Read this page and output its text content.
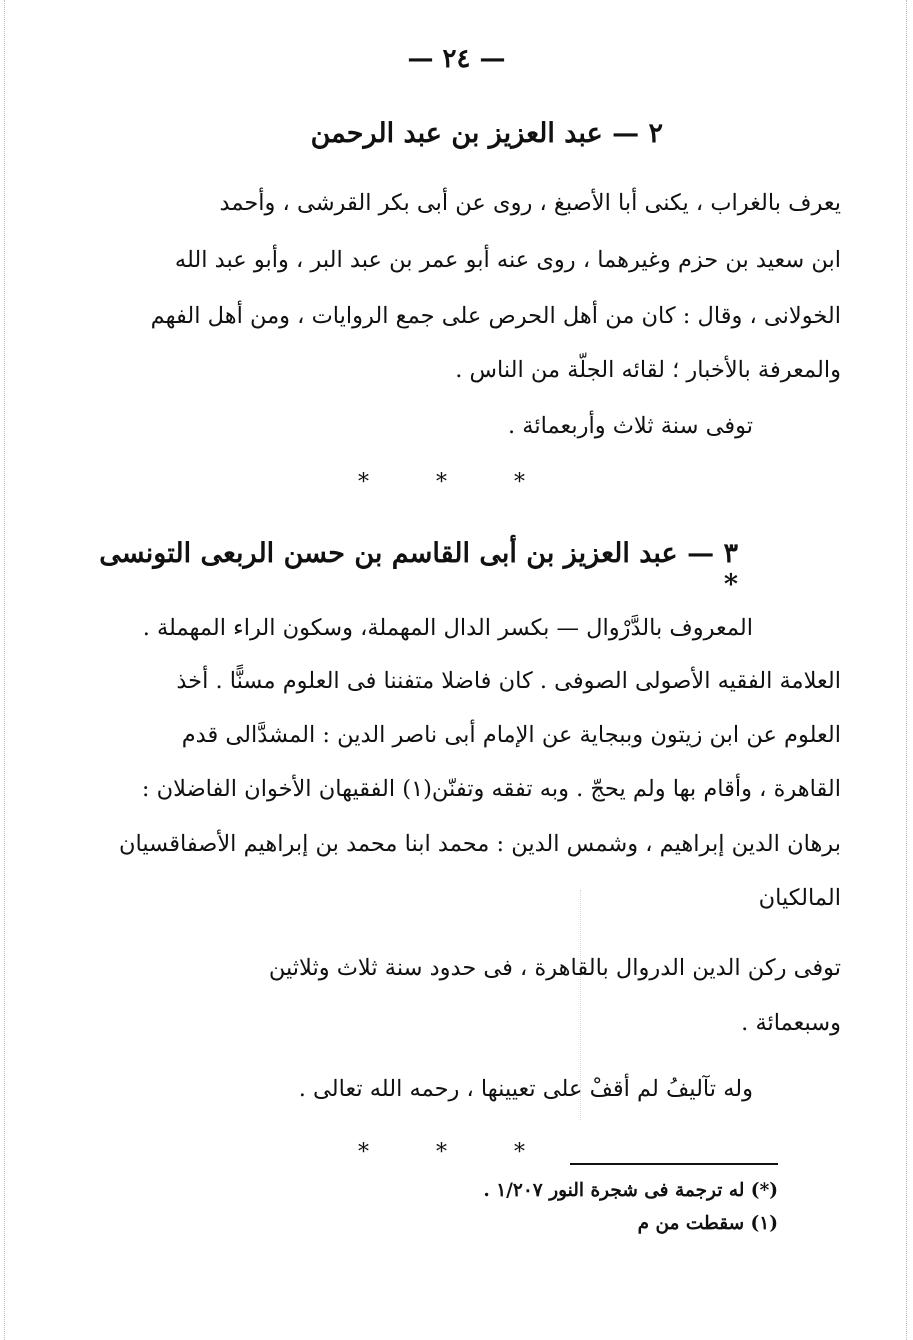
— ٢٤ —
٢ — عبد العزيز بن عبد الرحمن
يعرف بالغراب ، يكنى أبا الأصبغ ، روى عن أبى بكر القرشى ، وأحمد
ابن سعيد بن حزم وغيرهما ، روى عنه أبو عمر بن عبد البر ، وأبو عبد الله
الخولانى ، وقال : كان من أهل الحرص على جمع الروايات ، ومن أهل الفهم
والمعرفة بالأخبار ؛ لقائه الجلّة من الناس .
توفى سنة ثلاث وأربعمائة .
* * *
٣ — عبد العزيز بن أبى القاسم بن حسن الربعى التونسى *
المعروف بالدَّرْوال — بكسر الدال المهملة، وسكون الراء المهملة .
العلامة الفقيه الأصولى الصوفى . كان فاضلا متفننا فى العلوم مسنًّا . أخذ
العلوم عن ابن زيتون وببجاية عن الإمام أبى ناصر الدين : المشدَّالى قدم
القاهرة ، وأقام بها ولم يحجّ . وبه تفقه وتفنّن(١) الفقيهان الأخوان الفاضلان :
برهان الدين إبراهيم ، وشمس الدين : محمد ابنا محمد بن إبراهيم الأصفاقسيان
المالكيان
توفى ركن الدين الدروال بالقاهرة ، فى حدود سنة ثلاث وثلاثين
وسبعمائة .
وله تآليفُ لم أقفْ على تعيينها ، رحمه الله تعالى .
* * *
(*) له ترجمة فى شجرة النور ١/٢٠٧ .
(١) سقطت من م
